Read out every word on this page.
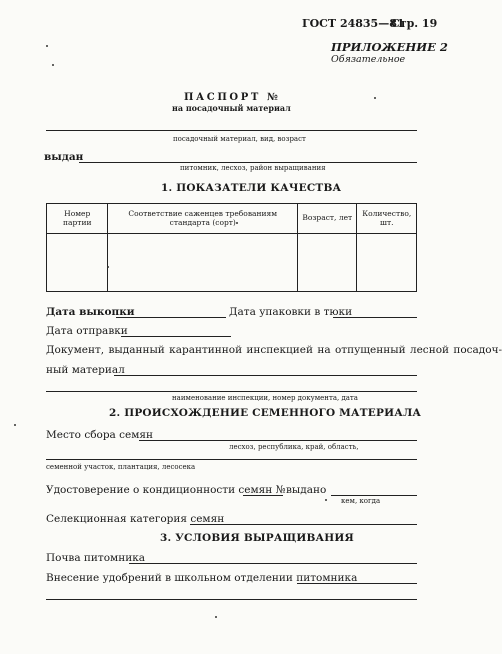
ГОСТ 24835—81
Стр. 19
ПРИЛОЖЕНИЕ 2
Обязательное
ПАСПОРТ №
на посадочный материал
посадочный материал, вид, возраст
выдан
питомник, лесхоз, район выращивания
1. ПОКАЗАТЕЛИ КАЧЕСТВА
Номер партии	Соответствие саженцев требованиям стандарта (сорт)	Возраст, лет	Количество, шт.

Дата выкопки	Дата упаковки в тюки
Дата отправки
Документ, выданный карантинной инспекцией на отпущенный лесной посадоч-
ный материал
наименование инспекции, номер документа, дата
2. ПРОИСХОЖДЕНИЕ СЕМЕННОГО МАТЕРИАЛА
Место сбора семян
лесхоз, республика, край, область,
семенной участок, плантация, лесосека
Удостоверение о кондиционности семян № выдано
кем, когда
Селекционная категория семян
3. УСЛОВИЯ ВЫРАЩИВАНИЯ
Почва питомника
Внесение удобрений в школьном отделении питомника
